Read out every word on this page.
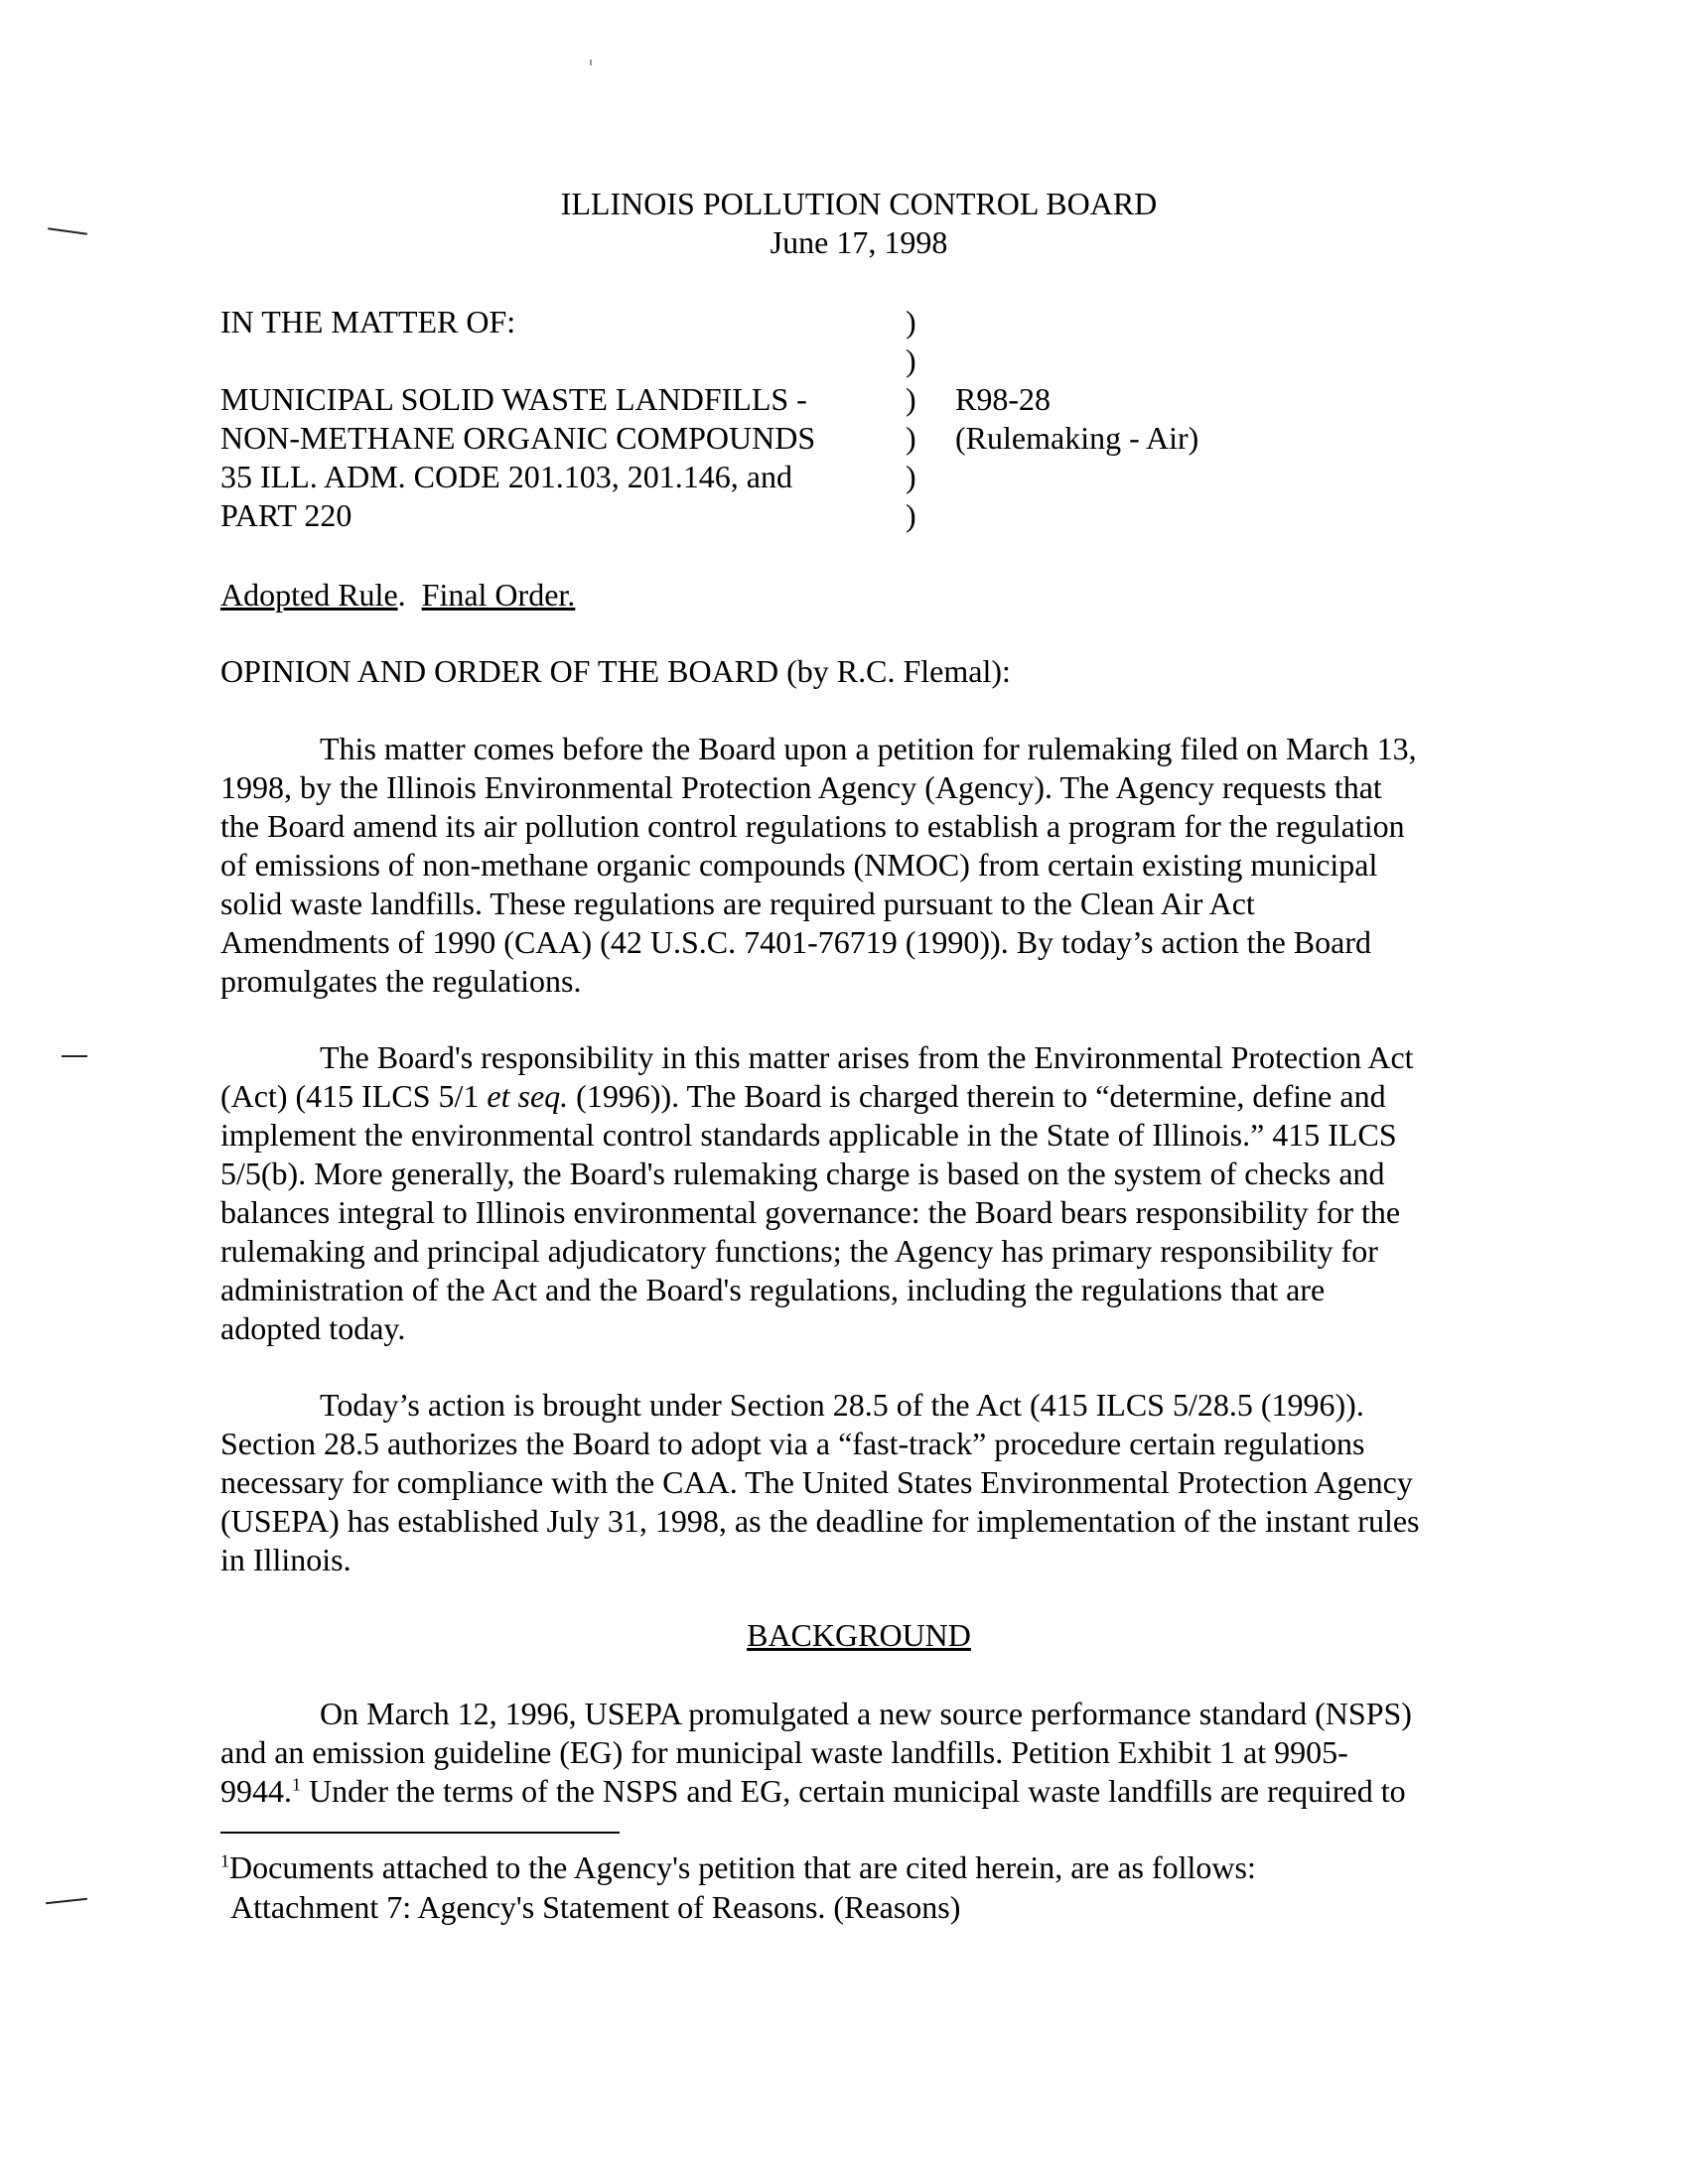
ILLINOIS POLLUTION CONTROL BOARD
June 17, 1998
IN THE MATTER OF:
MUNICIPAL SOLID WASTE LANDFILLS -
NON-METHANE ORGANIC COMPOUNDS
35 ILL. ADM. CODE 201.103, 201.146, and
PART 220
)
)
)
)
)
)
R98-28
(Rulemaking - Air)
Adopted Rule. Final Order.
OPINION AND ORDER OF THE BOARD (by R.C. Flemal):

This matter comes before the Board upon a petition for rulemaking filed on March 13,

1998, by the Illinois Environmental Protection Agency (Agency). The Agency requests that

the Board amend its air pollution control regulations to establish a program for the regulation

of emissions of non-methane organic compounds (NMOC) from certain existing municipal

solid waste landfills. These regulations are required pursuant to the Clean Air Act

Amendments of 1990 (CAA) (42 U.S.C. 7401-76719 (1990)). By today’s action the Board

promulgates the regulations.

The Board's responsibility in this matter arises from the Environmental Protection Act

(Act) (415 ILCS 5/1 et seq. (1996)). The Board is charged therein to “determine, define and

implement the environmental control standards applicable in the State of Illinois.” 415 ILCS

5/5(b). More generally, the Board's rulemaking charge is based on the system of checks and

balances integral to Illinois environmental governance: the Board bears responsibility for the

rulemaking and principal adjudicatory functions; the Agency has primary responsibility for

administration of the Act and the Board's regulations, including the regulations that are

adopted today.

Today’s action is brought under Section 28.5 of the Act (415 ILCS 5/28.5 (1996)).

Section 28.5 authorizes the Board to adopt via a “fast-track” procedure certain regulations

necessary for compliance with the CAA. The United States Environmental Protection Agency

(USEPA) has established July 31, 1998, as the deadline for implementation of the instant rules

in Illinois.

BACKGROUND

On March 12, 1996, USEPA promulgated a new source performance standard (NSPS)

and an emission guideline (EG) for municipal waste landfills. Petition Exhibit 1 at 9905-

9944.$^1$ Under the terms of the NSPS and EG, certain municipal waste landfills are required to

$^1$Documents attached to the Agency's petition that are cited herein, are as follows:
Attachment 7: Agency's Statement of Reasons. (Reasons)
